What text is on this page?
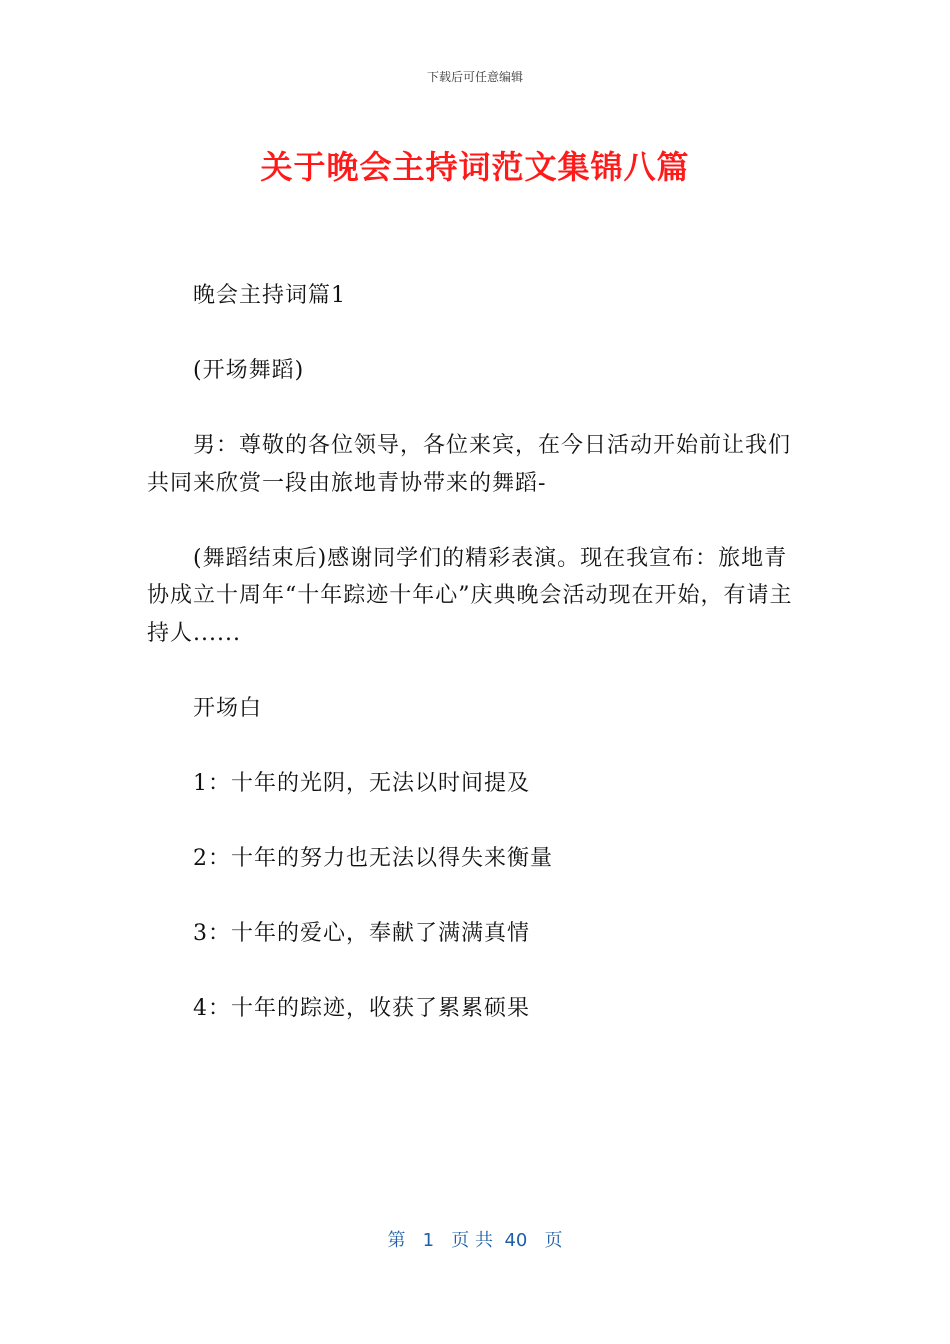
下载后可任意编辑
关于晚会主持词范文集锦八篇

晚会主持词篇1

(开场舞蹈)

男：尊敬的各位领导，各位来宾，在今日活动开始前让我们共同来欣赏一段由旅地青协带来的舞蹈-

(舞蹈结束后)感谢同学们的精彩表演。现在我宣布：旅地青协成立十周年“十年踪迹十年心”庆典晚会活动现在开始，有请主持人......

开场白

1：十年的光阴，无法以时间提及

2：十年的努力也无法以得失来衡量

3：十年的爱心，奉献了满满真情

4：十年的踪迹，收获了累累硕果

第 1 页 共 40 页
